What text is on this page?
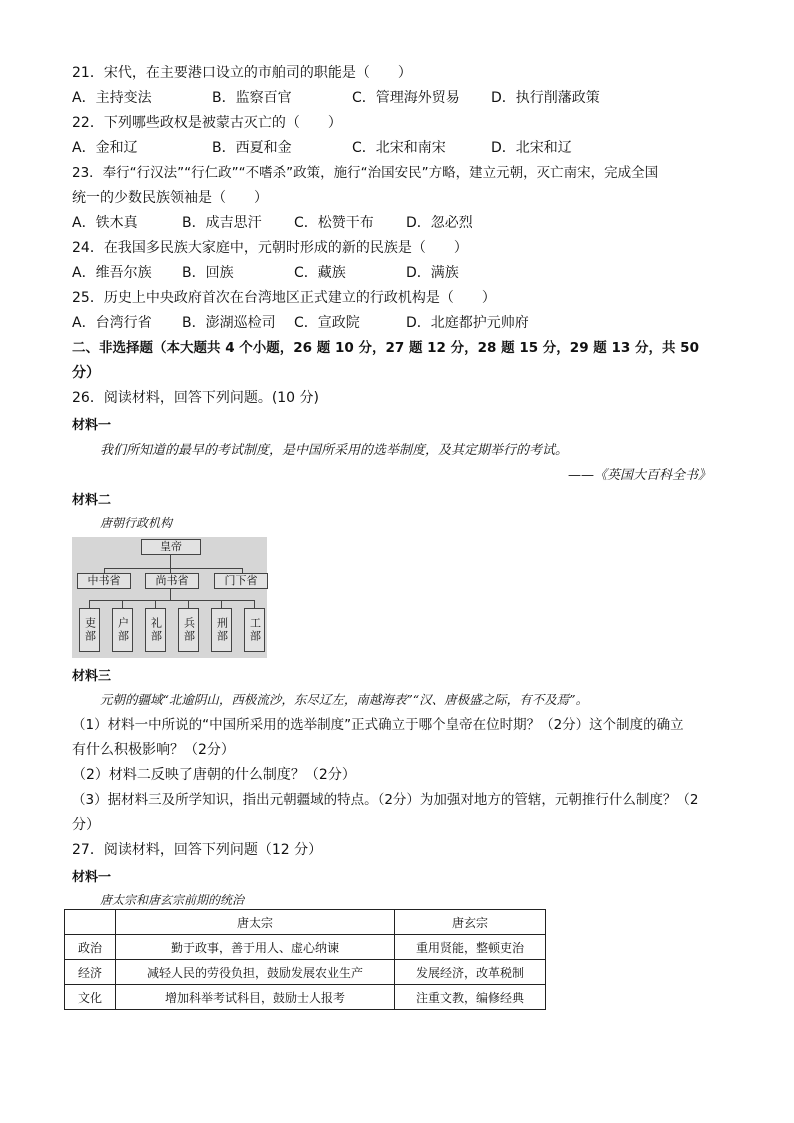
21．宋代，在主要港口设立的市舶司的职能是（　　）
A．主持变法	B．监察百官	C．管理海外贸易 D．执行削藩政策
22．下列哪些政权是被蒙古灭亡的（　　）
A．金和辽	B．西夏和金	C．北宋和南宋	D．北宋和辽
23．奉行“行汉法”“行仁政”“不嗜杀”政策，施行“治国安民”方略，建立元朝，灭亡南宋，完成全国
统一的少数民族领袖是（　　）
A．铁木真	B．成吉思汗 C．松赞干布 D．忽必烈
24．在我国多民族大家庭中，元朝时形成的新的民族是（　　）
A．维吾尔族 B．回族	C．藏族	D．满族
25．历史上中央政府首次在台湾地区正式建立的行政机构是（　　）
A．台湾行省 B．澎湖巡检司 C．宣政院	D．北庭都护元帅府
二、非选择题（本大题共 4 个小题，26 题 10 分，27 题 12 分，28 题 15 分，29 题 13 分，共 50
分）
26．阅读材料，回答下列问题。(10 分)
材料一
我们所知道的最早的考试制度，是中国所采用的选举制度，及其定期举行的考试。
——《英国大百科全书》
材料二
唐朝行政机构
皇帝
中书省	尚书省	门下省
吏部	户部	礼部	兵部	刑部	工部
材料三
元朝的疆域“北逾阴山，西极流沙，东尽辽左，南越海表”“汉、唐极盛之际，有不及焉”。
（1）材料一中所说的“中国所采用的选举制度”正式确立于哪个皇帝在位时期？（2分）这个制度的确立
有什么积极影响？（2分）
（2）材料二反映了唐朝的什么制度？（2分）
（3）据材料三及所学知识，指出元朝疆域的特点。（2分）为加强对地方的管辖，元朝推行什么制度？（2
分）
27．阅读材料，回答下列问题（12 分）
材料一
唐太宗和唐玄宗前期的统治
	唐太宗	唐玄宗
政治	勤于政事，善于用人、虚心纳谏	重用贤能，整顿吏治
经济	减轻人民的劳役负担，鼓励发展农业生产	发展经济，改革税制
文化	增加科举考试科目，鼓励士人报考	注重文教，编修经典
